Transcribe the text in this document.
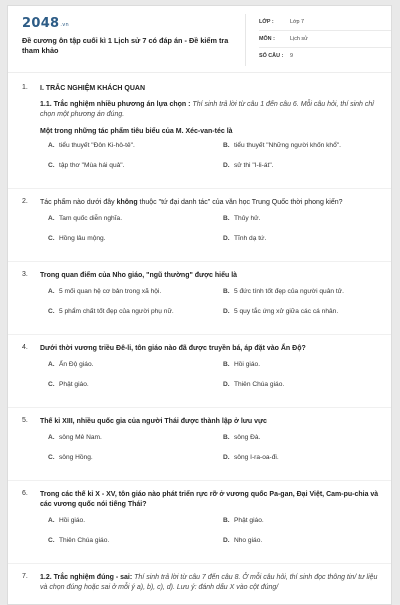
2048.vn
Đề cương ôn tập cuối kì 1 Lịch sử 7 có đáp án - Đề kiểm tra tham khảo
LỚP :	Lớp 7
MÔN :	Lịch sử
SỐ CÂU : 9
1. I. TRẮC NGHIỆM KHÁCH QUAN
1.1. Trắc nghiệm nhiều phương án lựa chọn : Thí sinh trả lời từ câu 1 đến câu 6. Mỗi câu hỏi, thí sinh chỉ chọn một phương án đúng.
Một trong những tác phẩm tiêu biểu của M. Xéc-van-téc là
A. tiểu thuyết "Đôn Ki-hô-tê".	B. tiểu thuyết "Những người khốn khổ".
C. tập thơ "Mùa hái quả".	D. sử thi "I-li-át".
2. Tác phẩm nào dưới đây không thuộc "tứ đại danh tác" của văn học Trung Quốc thời phong kiến?
A. Tam quốc diễn nghĩa.	B. Thủy hử.
C. Hồng lâu mộng.	D. Tĩnh dạ tứ.
3. Trong quan điểm của Nho giáo, "ngũ thường" được hiểu là
A. 5 mối quan hệ cơ bản trong xã hội.	B. 5 đức tính tốt đẹp của người quân tử.
C. 5 phẩm chất tốt đẹp của người phụ nữ.	D. 5 quy tắc ứng xử giữa các cá nhân.
4. Dưới thời vương triều Đê-li, tôn giáo nào đã được truyền bá, áp đặt vào Ấn Độ?
A. Ấn Độ giáo.	B. Hồi giáo.
C. Phật giáo.	D. Thiên Chúa giáo.
5. Thế kỉ XIII, nhiều quốc gia của người Thái được thành lập ở lưu vực
A. sông Mê Nam.	B. sông Đà.
C. sông Hồng.	D. sông I-ra-oa-đi.
6. Trong các thế kỉ X - XV, tôn giáo nào phát triển rực rỡ ở vương quốc Pa-gan, Đại Việt, Cam-pu-chia và các vương quốc nói tiếng Thái?
A. Hồi giáo.	B. Phật giáo.
C. Thiên Chúa giáo.	D. Nho giáo.
7. 1.2. Trắc nghiệm đúng - sai: Thí sinh trả lời từ câu 7 đến câu 8. Ở mỗi câu hỏi, thí sinh đọc thông tin/ tư liệu và chọn đúng hoặc sai ở mỗi ý a), b), c), d). Lưu ý: đánh dấu X vào cột đúng/
